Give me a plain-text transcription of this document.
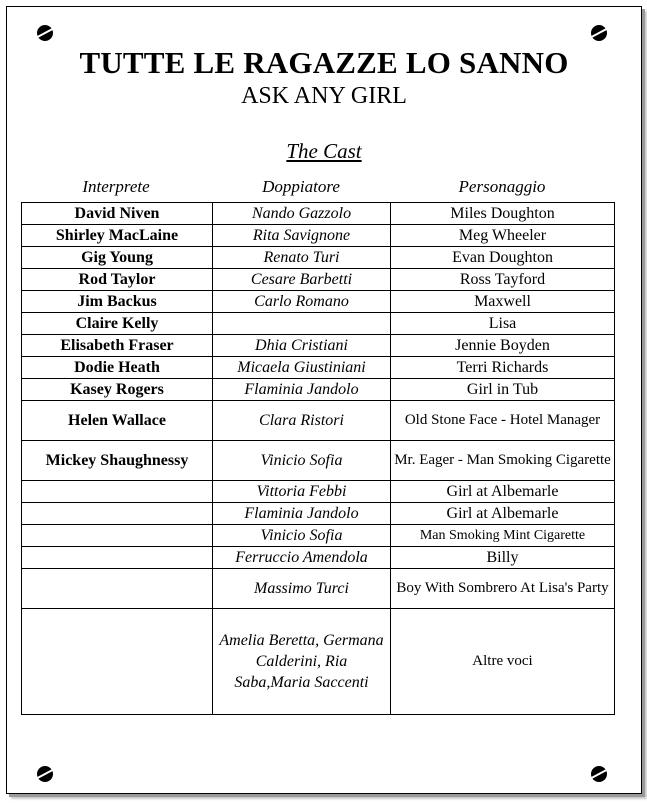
TUTTE LE RAGAZZE LO SANNO
ASK ANY GIRL
The Cast
Interprete	Doppiatore	Personaggio
David Niven	Nando Gazzolo	Miles Doughton
Shirley MacLaine	Rita Savignone	Meg Wheeler
Gig Young	Renato Turi	Evan Doughton
Rod Taylor	Cesare Barbetti	Ross Tayford
Jim Backus	Carlo Romano	Maxwell
Claire Kelly		Lisa
Elisabeth Fraser	Dhia Cristiani	Jennie Boyden
Dodie Heath	Micaela Giustiniani	Terri Richards
Kasey Rogers	Flaminia Jandolo	Girl in Tub
Helen Wallace	Clara Ristori	Old Stone Face - Hotel Manager
Mickey Shaughnessy	Vinicio Sofia	Mr. Eager - Man Smoking Cigarette
	Vittoria Febbi	Girl at Albemarle
	Flaminia Jandolo	Girl at Albemarle
	Vinicio Sofia	Man Smoking Mint Cigarette
	Ferruccio Amendola	Billy
	Massimo Turci	Boy With Sombrero At Lisa's Party
	Amelia Beretta, Germana Calderini, Ria Saba,Maria Saccenti	Altre voci
